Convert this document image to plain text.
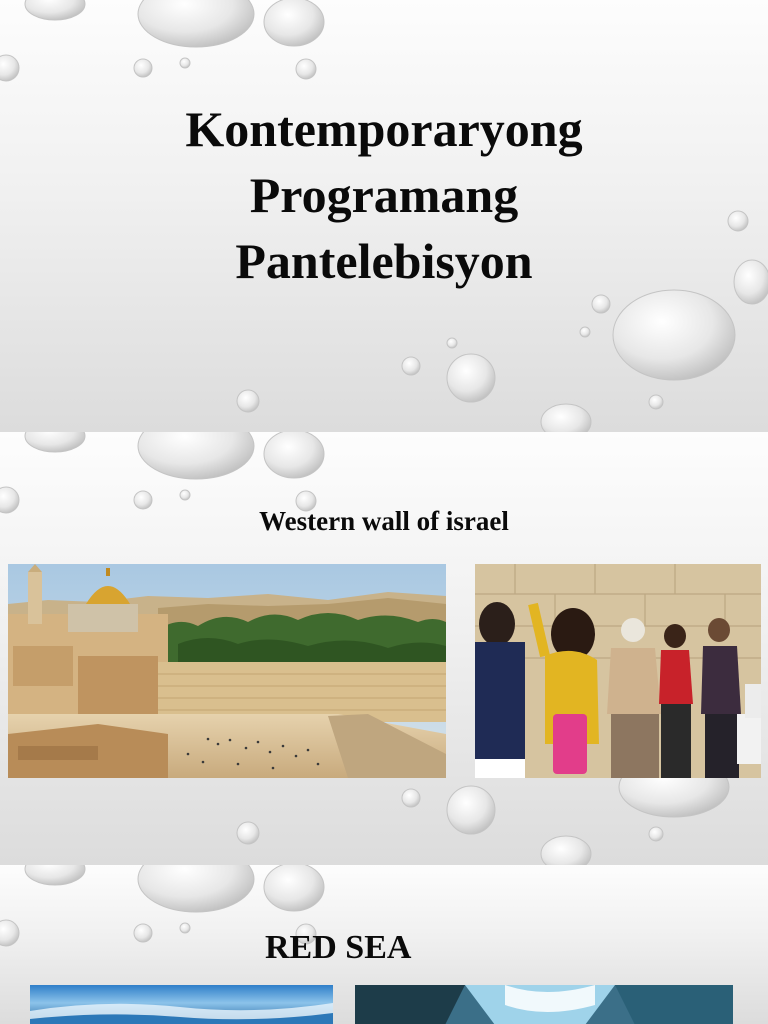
Kontemporaryong Programang Pantelebisyon
Western wall of israel
RED SEA
